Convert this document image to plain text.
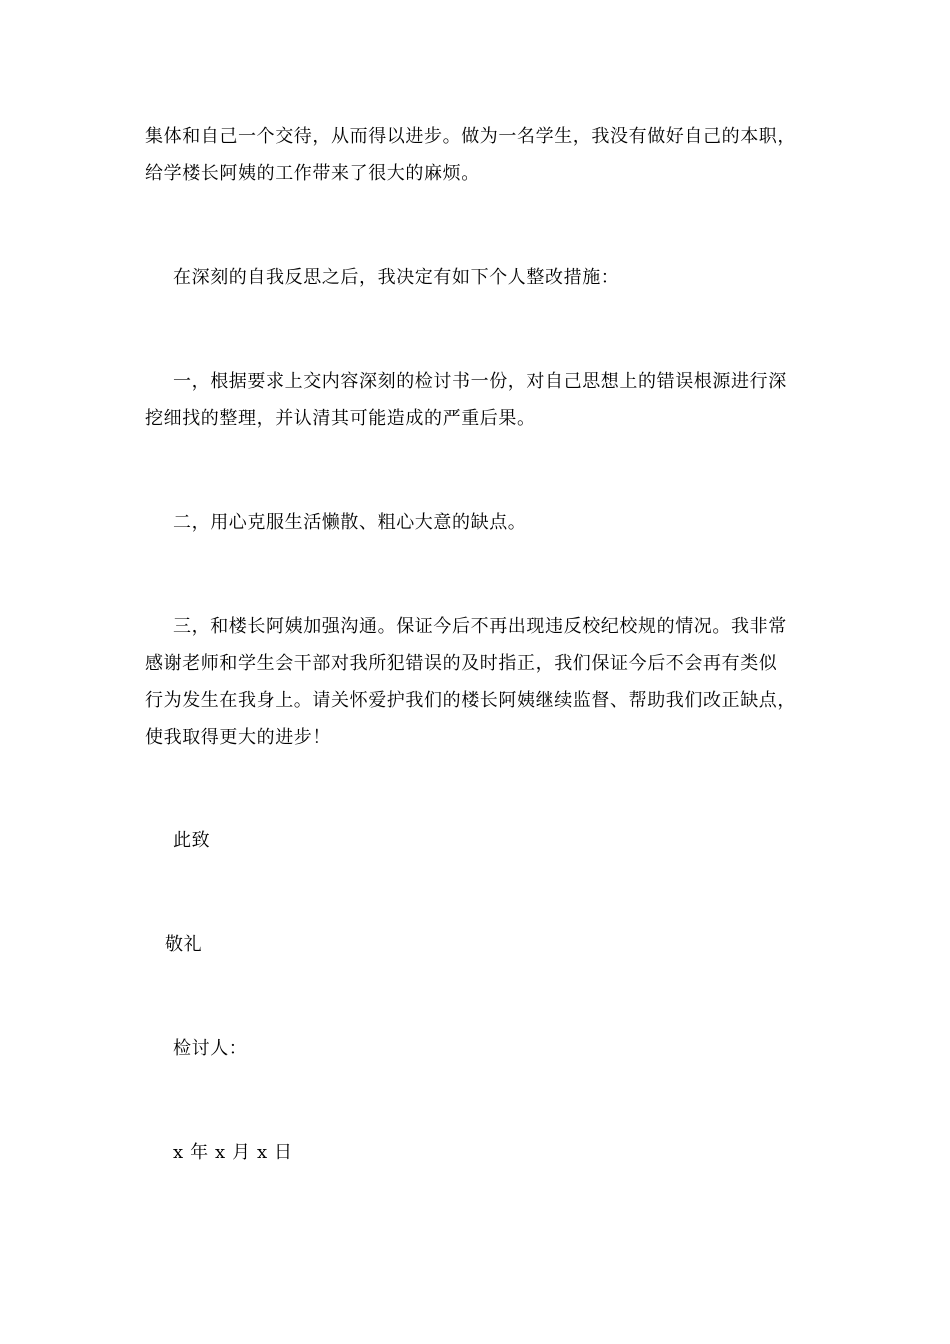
集体和自己一个交待，从而得以进步。做为一名学生，我没有做好自己的本职，
给学楼长阿姨的工作带来了很大的麻烦。
在深刻的自我反思之后，我决定有如下个人整改措施：
一，根据要求上交内容深刻的检讨书一份，对自己思想上的错误根源进行深
挖细找的整理，并认清其可能造成的严重后果。
二，用心克服生活懒散、粗心大意的缺点。
三，和楼长阿姨加强沟通。保证今后不再出现违反校纪校规的情况。我非常
感谢老师和学生会干部对我所犯错误的及时指正，我们保证今后不会再有类似
行为发生在我身上。请关怀爱护我们的楼长阿姨继续监督、帮助我们改正缺点，
使我取得更大的进步！
此致
敬礼
检讨人：
x 年 x 月 x 日
